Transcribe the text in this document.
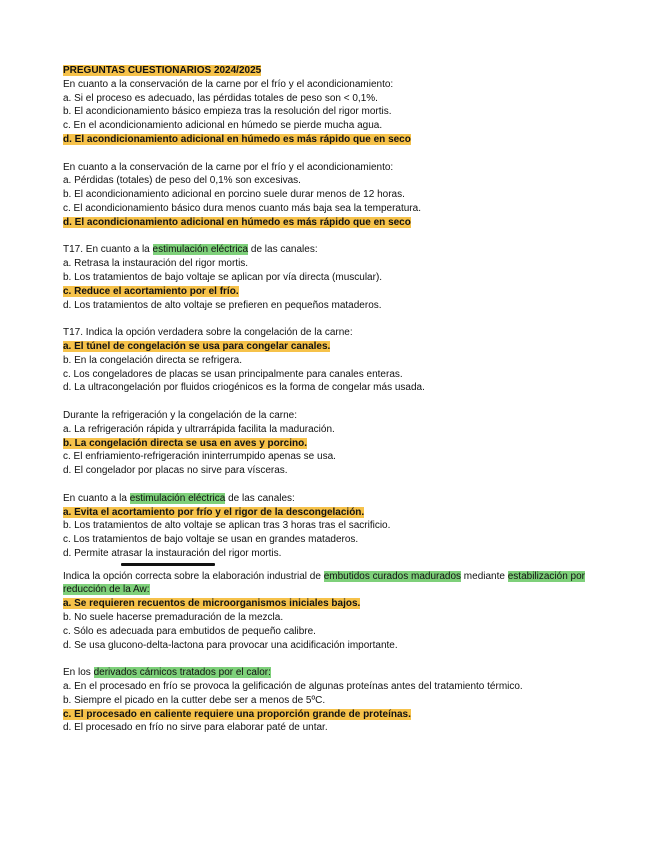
PREGUNTAS CUESTIONARIOS 2024/2025
En cuanto a la conservación de la carne por el frío y el acondicionamiento:
a. Si el proceso es adecuado, las pérdidas totales de peso son < 0,1%.
b. El acondicionamiento básico empieza tras la resolución del rigor mortis.
c. En el acondicionamiento adicional en húmedo se pierde mucha agua.
d. El acondicionamiento adicional en húmedo es más rápido que en seco
En cuanto a la conservación de la carne por el frío y el acondicionamiento:
a. Pérdidas (totales) de peso del 0,1% son excesivas.
b. El acondicionamiento adicional en porcino suele durar menos de 12 horas.
c. El acondicionamiento básico dura menos cuanto más baja sea la temperatura.
d. El acondicionamiento adicional en húmedo es más rápido que en seco
T17. En cuanto a la estimulación eléctrica de las canales:
a. Retrasa la instauración del rigor mortis.
b. Los tratamientos de bajo voltaje se aplican por vía directa (muscular).
c. Reduce el acortamiento por el frío.
d. Los tratamientos de alto voltaje se prefieren en pequeños mataderos.
T17. Indica la opción verdadera sobre la congelación de la carne:
a. El túnel de congelación se usa para congelar canales.
b. En la congelación directa se refrigera.
c. Los congeladores de placas se usan principalmente para canales enteras.
d. La ultracongelación por fluidos criogénicos es la forma de congelar más usada.
Durante la refrigeración y la congelación de la carne:
a. La refrigeración rápida y ultrarrápida facilita la maduración.
b. La congelación directa se usa en aves y porcino.
c. El enfriamiento-refrigeración ininterrumpido apenas se usa.
d. El congelador por placas no sirve para vísceras.
En cuanto a la estimulación eléctrica de las canales:
a. Evita el acortamiento por frío y el rigor de la descongelación.
b. Los tratamientos de alto voltaje se aplican tras 3 horas tras el sacrificio.
c. Los tratamientos de bajo voltaje se usan en grandes mataderos.
d. Permite atrasar la instauración del rigor mortis.
Indica la opción correcta sobre la elaboración industrial de embutidos curados madurados mediante estabilización por reducción de la Aw:
a. Se requieren recuentos de microorganismos iniciales bajos.
b. No suele hacerse premaduración de la mezcla.
c. Sólo es adecuada para embutidos de pequeño calibre.
d. Se usa glucono-delta-lactona para provocar una acidificación importante.
En los derivados cárnicos tratados por el calor:
a. En el procesado en frío se provoca la gelificación de algunas proteínas antes del tratamiento térmico.
b. Siempre el picado en la cutter debe ser a menos de 5ºC.
c. El procesado en caliente requiere una proporción grande de proteínas.
d. El procesado en frío no sirve para elaborar paté de untar.
